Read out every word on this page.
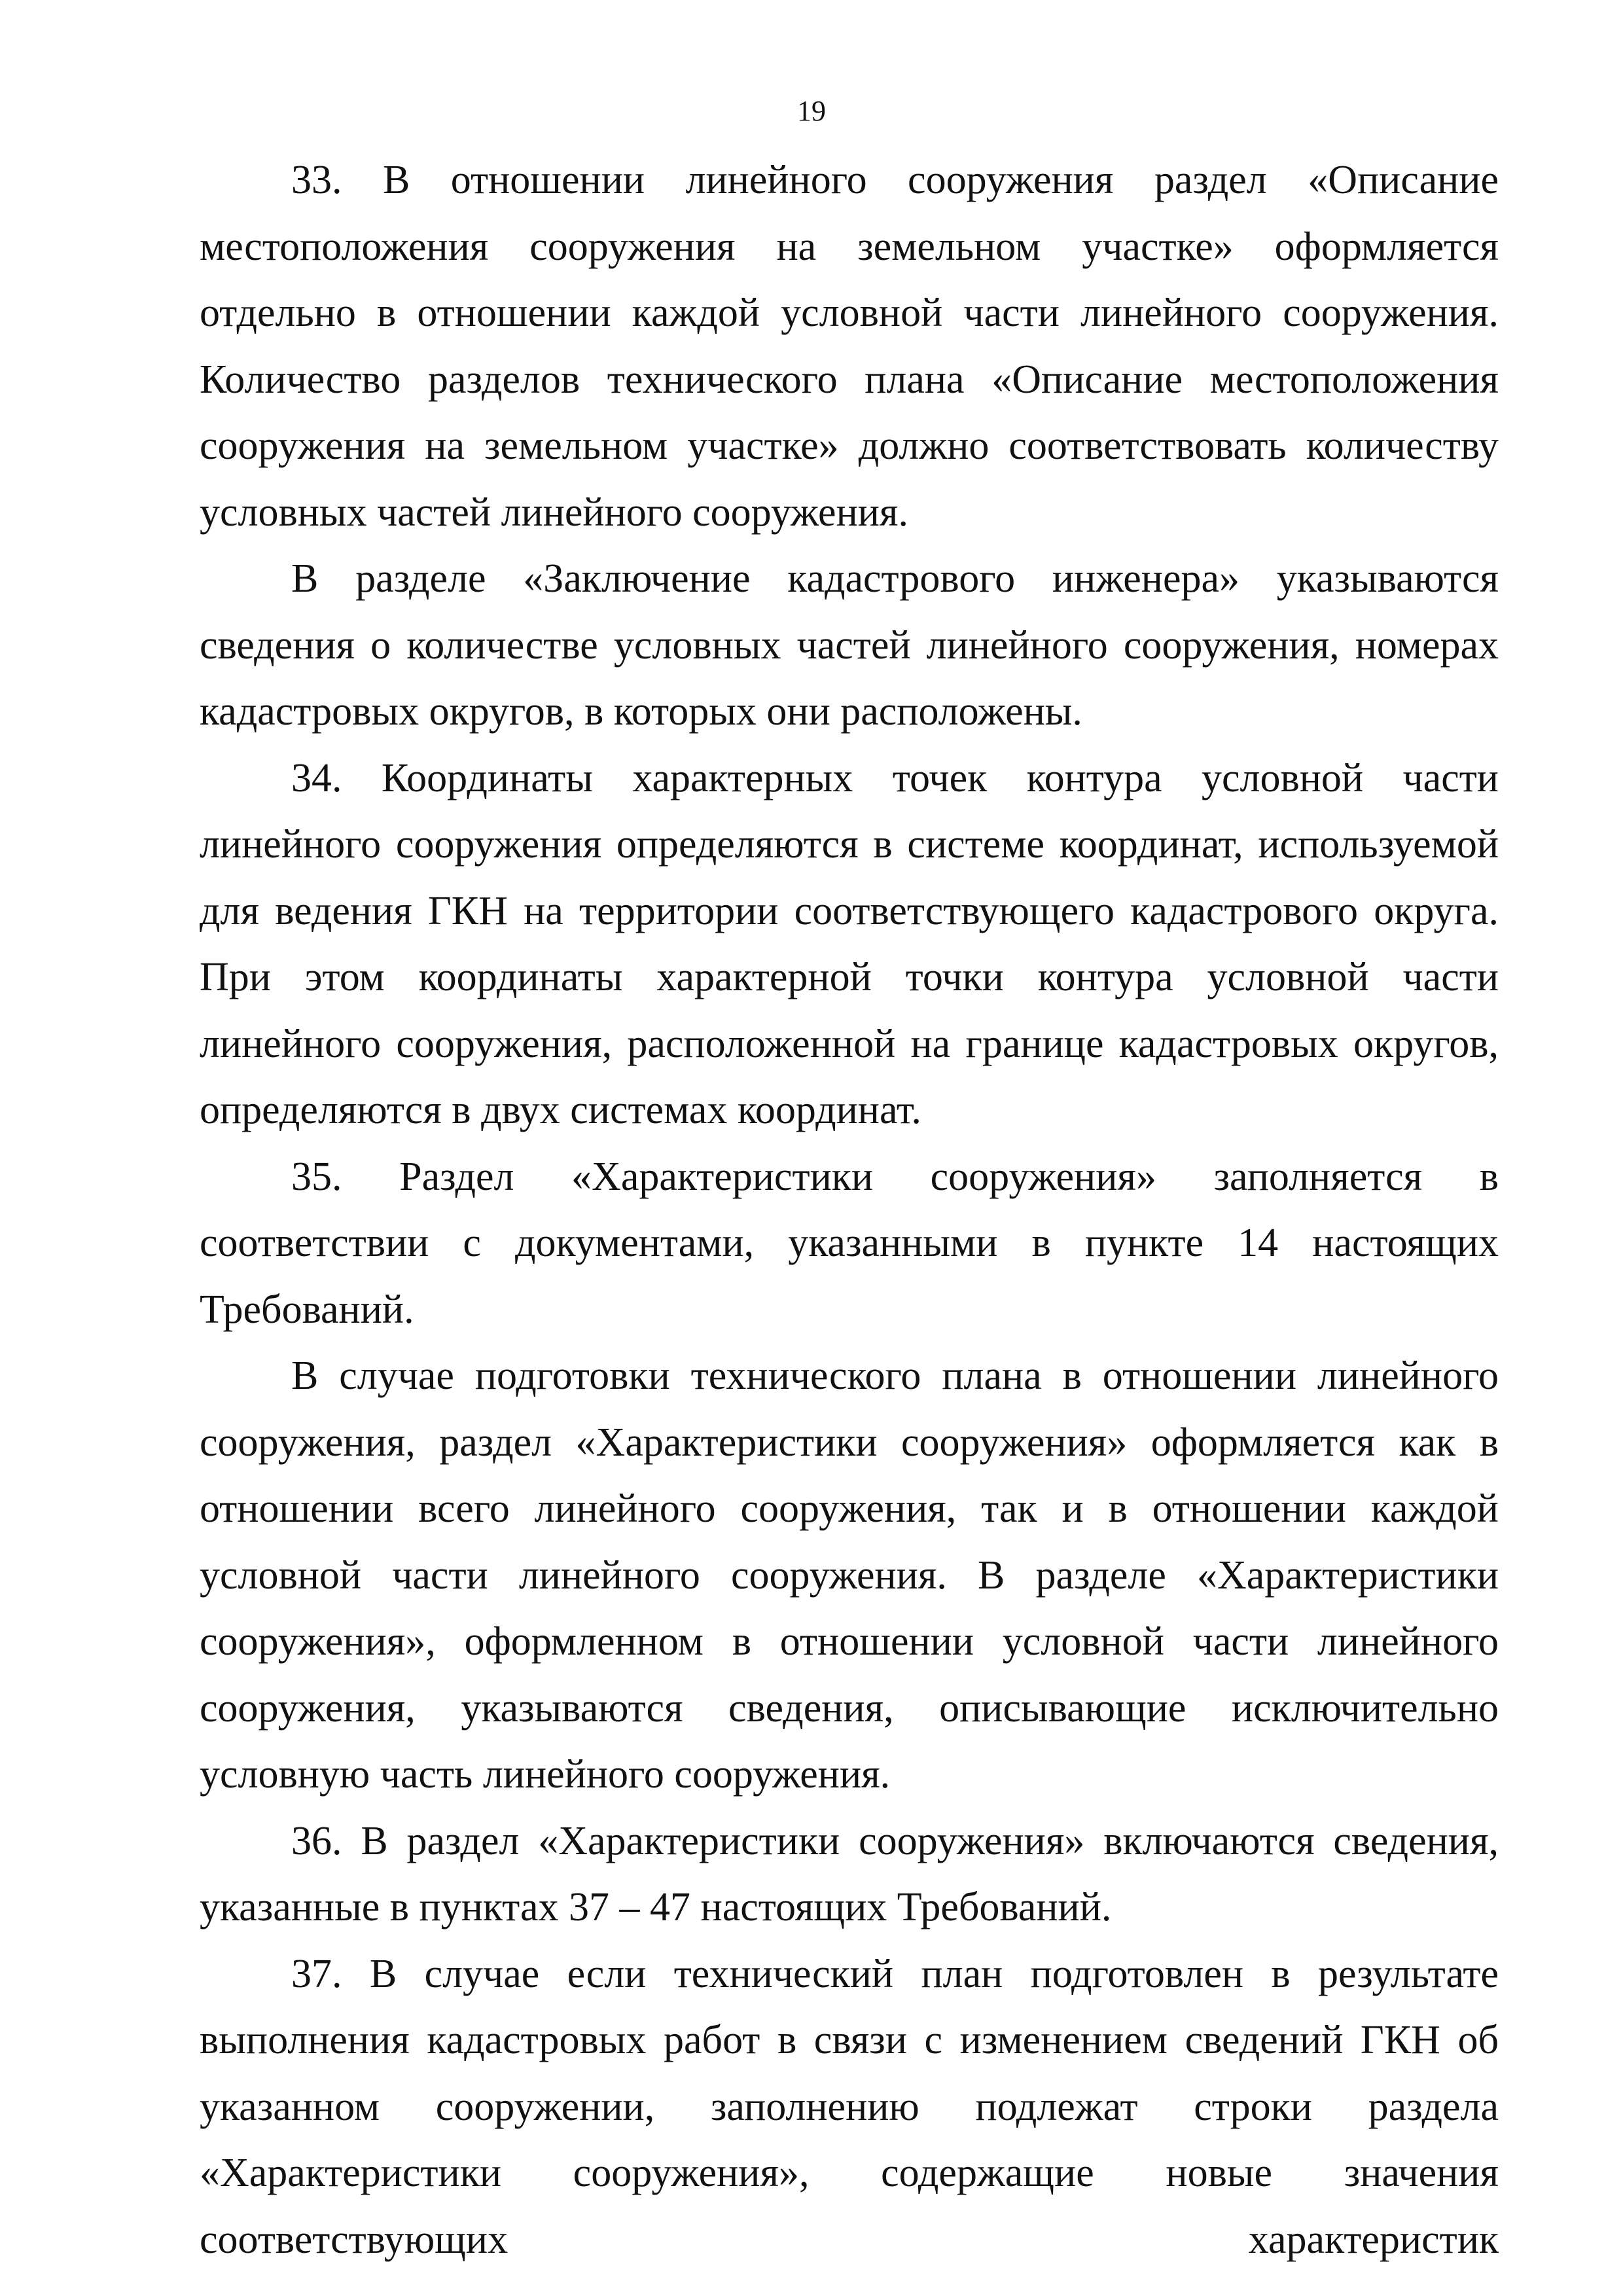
19

33. В отношении линейного сооружения раздел «Описание местоположения сооружения на земельном участке» оформляется отдельно в отношении каждой условной части линейного сооружения. Количество разделов технического плана «Описание местоположения сооружения на земельном участке» должно соответствовать количеству условных частей линейного сооружения.

В разделе «Заключение кадастрового инженера» указываются сведения о количестве условных частей линейного сооружения, номерах кадастровых округов, в которых они расположены.

34. Координаты характерных точек контура условной части линейного сооружения определяются в системе координат, используемой для ведения ГКН на территории соответствующего кадастрового округа. При этом координаты характерной точки контура условной части линейного сооружения, расположенной на границе кадастровых округов, определяются в двух системах координат.

35. Раздел «Характеристики сооружения» заполняется в соответствии с документами, указанными в пункте 14 настоящих Требований.

В случае подготовки технического плана в отношении линейного сооружения, раздел «Характеристики сооружения» оформляется как в отношении всего линейного сооружения, так и в отношении каждой условной части линейного сооружения. В разделе «Характеристики сооружения», оформленном в отношении условной части линейного сооружения, указываются сведения, описывающие исключительно условную часть линейного сооружения.

36. В раздел «Характеристики сооружения» включаются сведения, указанные в пунктах 37 – 47 настоящих Требований.

37. В случае если технический план подготовлен в результате выполнения кадастровых работ в связи с изменением сведений ГКН об указанном сооружении, заполнению подлежат строки раздела «Характеристики сооружения», содержащие новые значения соответствующих характеристик
